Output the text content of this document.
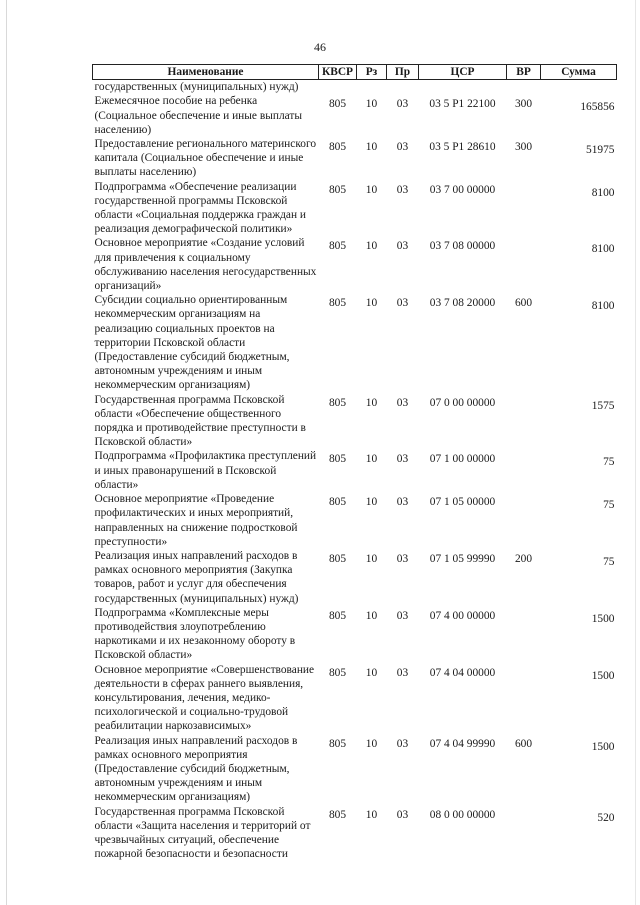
46
Наименование	КВСР	Рз	Пр	ЦСР	ВР	Сумма
государственных (муниципальных) нужд)						
Ежемесячное пособие на ребенка (Социальное обеспечение и иные выплаты населению)	805	10	03	03 5 P1 22100	300	165856
Предоставление регионального материнского капитала (Социальное обеспечение и иные выплаты населению)	805	10	03	03 5 P1 28610	300	51975
Подпрограмма «Обеспечение реализации государственной программы Псковской области «Социальная поддержка граждан и реализация демографической политики»	805	10	03	03 7 00 00000		8100
Основное мероприятие «Создание условий для привлечения к социальному обслуживанию населения негосударственных организаций»	805	10	03	03 7 08 00000		8100
Субсидии социально ориентированным некоммерческим организациям на реализацию социальных проектов на территории Псковской области (Предоставление субсидий бюджетным, автономным учреждениям и иным некоммерческим организациям)	805	10	03	03 7 08 20000	600	8100
Государственная программа Псковской области «Обеспечение общественного порядка и противодействие преступности в Псковской области»	805	10	03	07 0 00 00000		1575
Подпрограмма «Профилактика преступлений и иных правонарушений в Псковской области»	805	10	03	07 1 00 00000		75
Основное мероприятие «Проведение профилактических и иных мероприятий, направленных на снижение подростковой преступности»	805	10	03	07 1 05 00000		75
Реализация иных направлений расходов в рамках основного мероприятия (Закупка товаров, работ и услуг для обеспечения государственных (муниципальных) нужд)	805	10	03	07 1 05 99990	200	75
Подпрограмма «Комплексные меры противодействия злоупотреблению наркотиками и их незаконному обороту в Псковской области»	805	10	03	07 4 00 00000		1500
Основное мероприятие «Совершенствование деятельности в сферах раннего выявления, консультирования, лечения, медико-психологической и социально-трудовой реабилитации наркозависимых»	805	10	03	07 4 04 00000		1500
Реализация иных направлений расходов в рамках основного мероприятия (Предоставление субсидий бюджетным, автономным учреждениям и иным некоммерческим организациям)	805	10	03	07 4 04 99990	600	1500
Государственная программа Псковской области «Защита населения и территорий от чрезвычайных ситуаций, обеспечение пожарной безопасности и безопасности	805	10	03	08 0 00 00000		520
